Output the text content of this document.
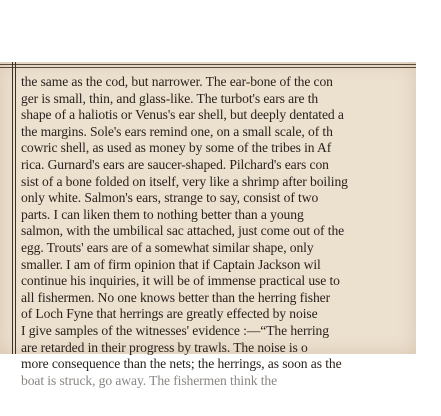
the same as the cod, but narrower. The ear-bone of the con
ger is small, thin, and glass-like. The turbot's ears are th
shape of a haliotis or Venus's ear shell, but deeply dentated a
the margins. Sole's ears remind one, on a small scale, of th
cowric shell, as used as money by some of the tribes in Af
rica. Gurnard's ears are saucer-shaped. Pilchard's ears con
sist of a bone folded on itself, very like a shrimp after boiling
only white. Salmon's ears, strange to say, consist of two
parts. I can liken them to nothing better than a young
salmon, with the umbilical sac attached, just come out of the
egg. Trouts' ears are of a somewhat similar shape, only
smaller. I am of firm opinion that if Captain Jackson wil
continue his inquiries, it will be of immense practical use to
all fishermen. No one knows better than the herring fisher
of Loch Fyne that herrings are greatly effected by noise
I give samples of the witnesses' evidence :—“The herring
are retarded in their progress by trawls. The noise is o
more consequence than the nets; the herrings, as soon as the
boat is struck, go away. The fishermen think the
